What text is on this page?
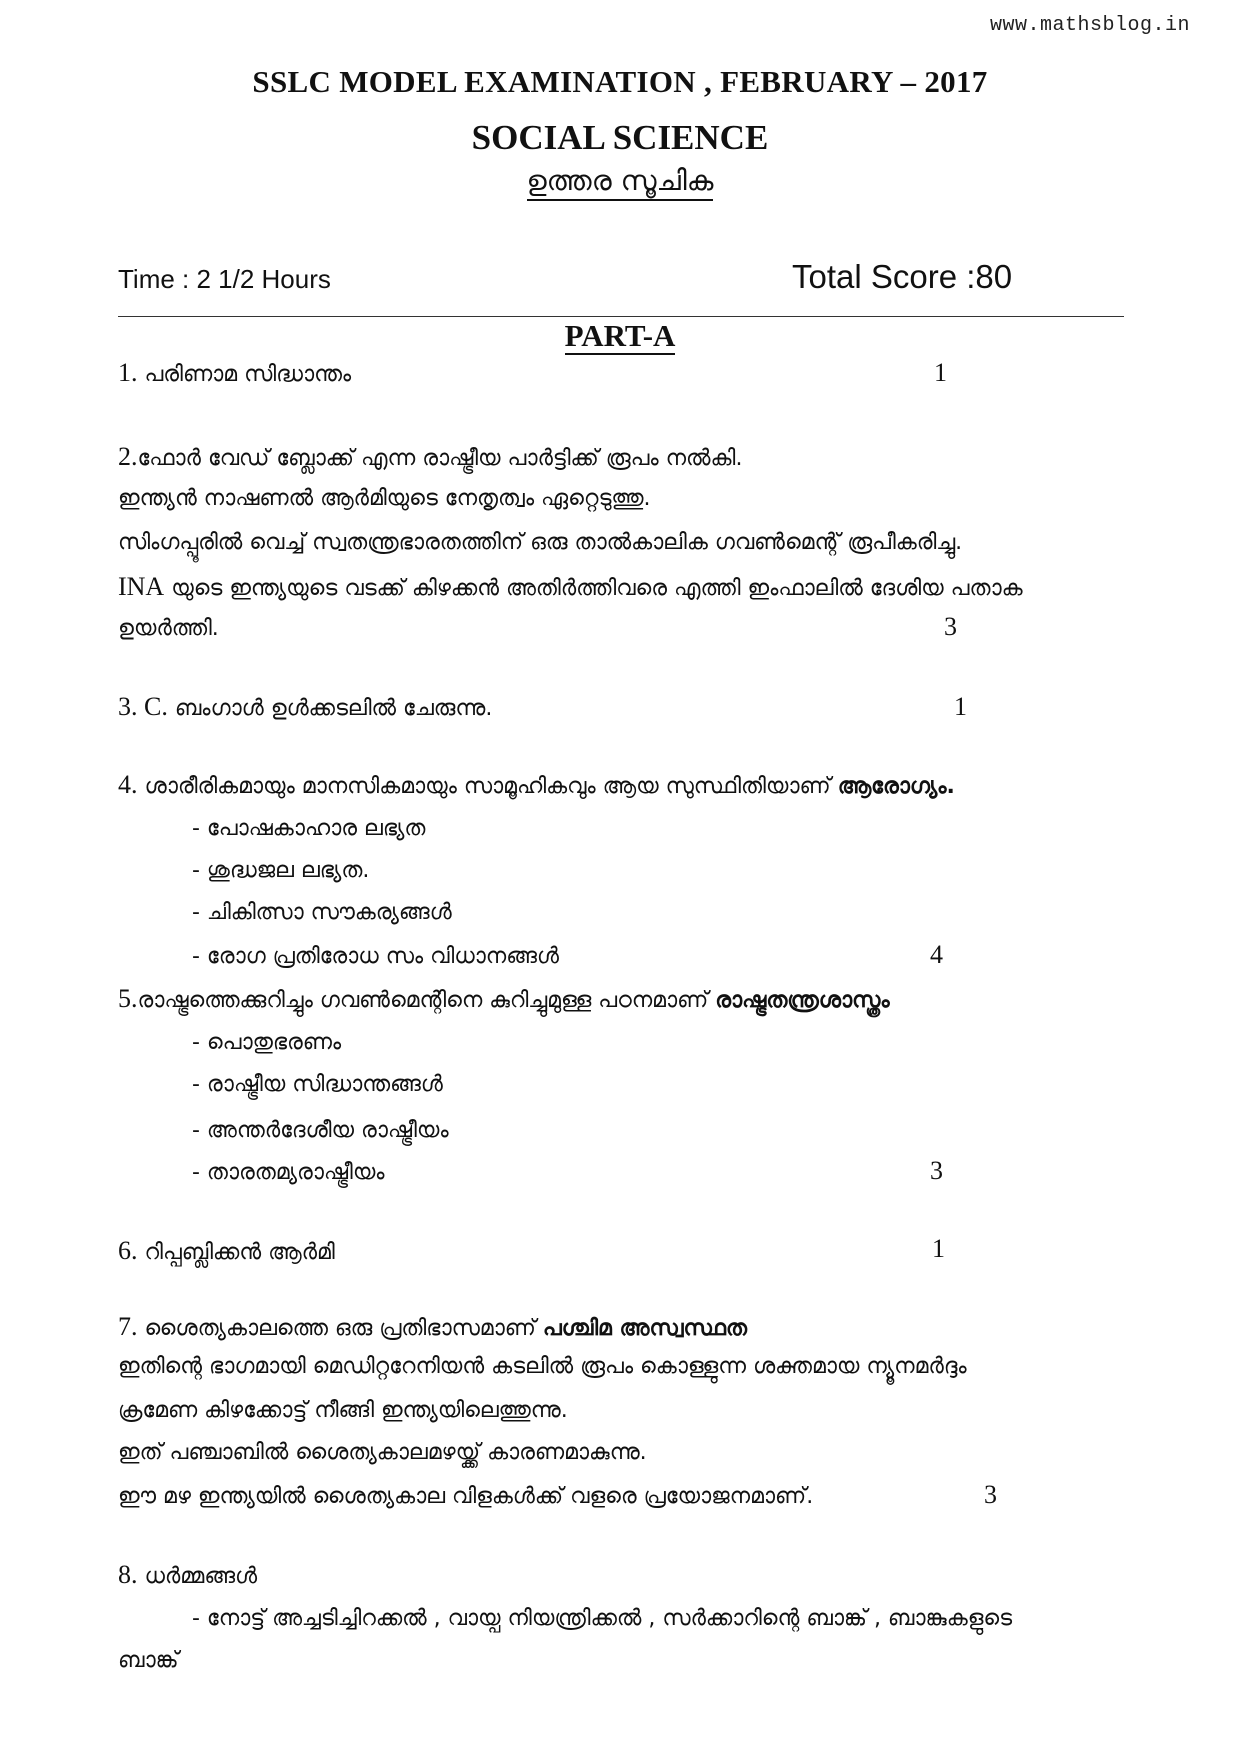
www.mathsblog.in
SSLC MODEL EXAMINATION , FEBRUARY – 2017
SOCIAL SCIENCE
ഉത്തര സൂചിക
Time : 2 1/2 Hours	Total Score :80
PART-A
1. പരിണാമ സിദ്ധാന്തം	1
2.ഫോർ വേഡ് ബ്ലോക്ക് എന്ന രാഷ്ട്രീയ പാർട്ടിക്ക് രൂപം നൽകി.
ഇന്ത്യൻ നാഷണൽ ആർമിയുടെ നേതൃത്വം ഏറ്റെടുത്തു.
സിംഗപ്പൂരിൽ വെച്ച് സ്വതന്ത്രഭാരതത്തിന് ഒരു താൽകാലിക ഗവൺമെന്റ് രൂപീകരിച്ചു.
INA യുടെ ഇന്ത്യയുടെ വടക്ക് കിഴക്കൻ അതിർത്തിവരെ എത്തി ഇംഫാലിൽ ദേശിയ പതാക
ഉയർത്തി.	3
3. C. ബംഗാൾ ഉൾക്കടലിൽ ചേരുന്നു.	1
4. ശാരീരികമായും മാനസികമായും സാമൂഹികവും ആയ സുസ്ഥിതിയാണ് ആരോഗ്യം.
- പോഷകാഹാര ലഭ്യത
- ശുദ്ധജല ലഭ്യത.
- ചികിത്സാ സൗകര്യങ്ങൾ
- രോഗ പ്രതിരോധ സം വിധാനങ്ങൾ	4
5.രാഷ്ട്രത്തെക്കുറിച്ചും ഗവൺമെന്റിനെ കുറിച്ചുമുള്ള പഠനമാണ് രാഷ്ട്രതന്ത്രശാസ്ത്രം
- പൊതുഭരണം
- രാഷ്ട്രീയ സിദ്ധാന്തങ്ങൾ
- അന്തർദേശീയ രാഷ്ട്രീയം
- താരതമ്യരാഷ്ട്രീയം	3
6. റിപ്പബ്ലിക്കൻ ആർമി	1
7. ശൈത്യകാലത്തെ ഒരു പ്രതിഭാസമാണ് പശ്ചിമ അസ്വസ്ഥത
ഇതിന്റെ ഭാഗമായി മെഡിറ്ററേനിയൻ കടലിൽ രൂപം കൊള്ളുന്ന ശക്തമായ ന്യൂനമർദ്ദം
ക്രമേണ കിഴക്കോട്ട് നീങ്ങി ഇന്ത്യയിലെത്തുന്നു.
ഇത് പഞ്ചാബിൽ ശൈത്യകാലമഴയ്ക്ക് കാരണമാകുന്നു.
ഈ മഴ ഇന്ത്യയിൽ ശൈത്യകാല വിളകൾക്ക് വളരെ പ്രയോജനമാണ്.	3
8. ധർമ്മങ്ങൾ
- നോട്ട് അച്ചടിച്ചിറക്കൽ , വായ്പ നിയന്ത്രിക്കൽ , സർക്കാറിന്റെ ബാങ്ക് , ബാങ്കുകളുടെ
ബാങ്ക്
